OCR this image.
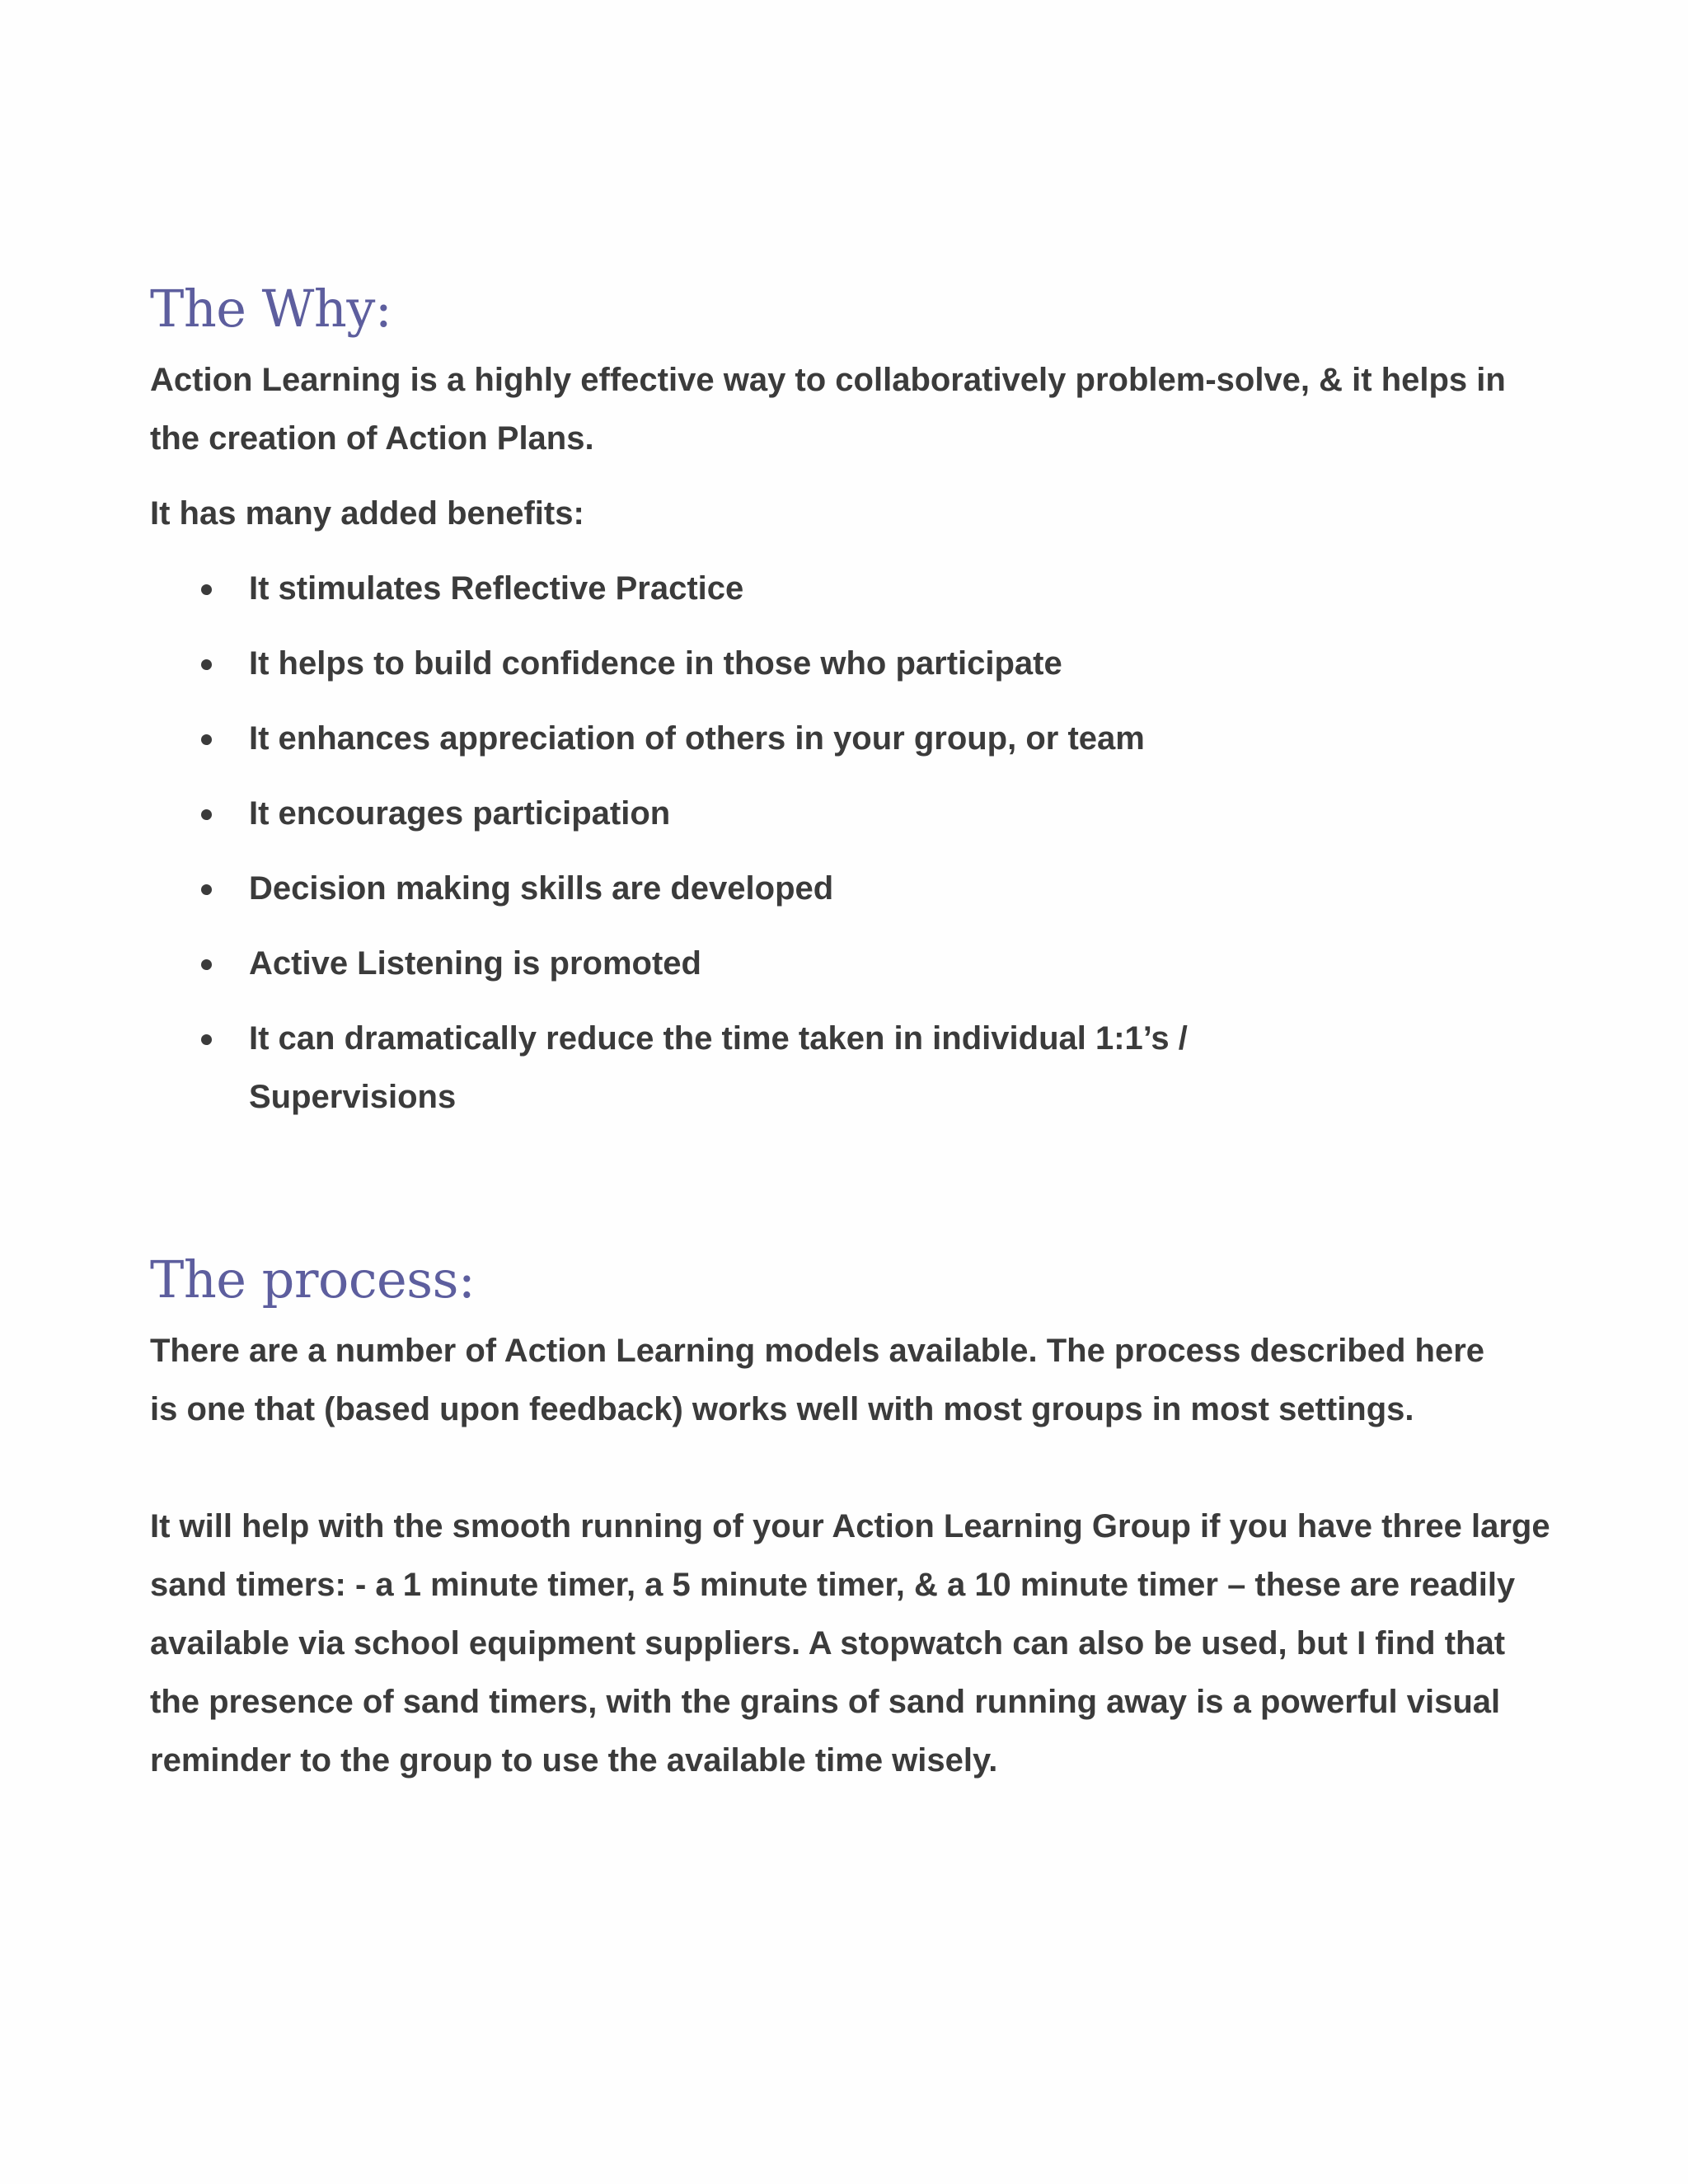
The Why:

Action Learning is a highly effective way to collaboratively problem-solve, & it helps in the creation of Action Plans.

It has many added benefits:

It stimulates Reflective Practice
It helps to build confidence in those who participate
It enhances appreciation of others in your group, or team
It encourages participation
Decision making skills are developed
Active Listening is promoted
It can dramatically reduce the time taken in individual 1:1’s / Supervisions
The process:

There are a number of Action Learning models available. The process described here is one that (based upon feedback) works well with most groups in most settings.

It will help with the smooth running of your Action Learning Group if you have three large sand timers: - a 1 minute timer, a 5 minute timer, & a 10 minute timer – these are readily available via school equipment suppliers. A stopwatch can also be used, but I find that the presence of sand timers, with the grains of sand running away is a powerful visual reminder to the group to use the available time wisely.
